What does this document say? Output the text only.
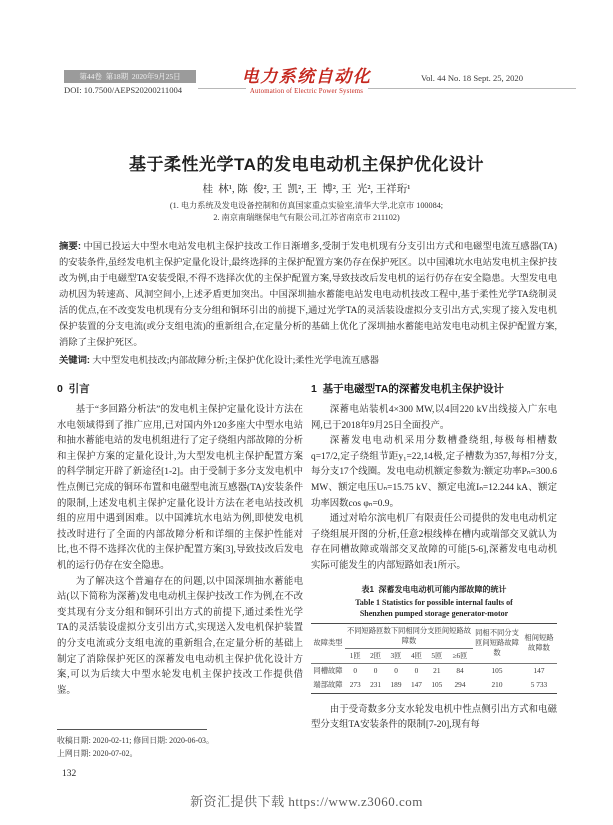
第44卷  第18期  2020年9月25日
DOI: 10.7500/AEPS20200211004
电力系统自动化
Automation of Electric Power Systems
Vol. 44 No. 18 Sept. 25, 2020
基于柔性光学TA的发电电动机主保护优化设计
桂  林¹, 陈  俊², 王  凯², 王  博², 王  光², 王祥珩¹
(1. 电力系统及发电设备控制和仿真国家重点实验室,清华大学,北京市 100084;
2. 南京南瑞继保电气有限公司,江苏省南京市 211102)
摘要: 中国已投运大中型水电站发电机主保护技改工作日渐增多,受制于发电机现有分支引出方式和电磁型电流互感器(TA)的安装条件,虽经发电机主保护定量化设计,最终选择的主保护配置方案仍存在保护死区。以中国滩坑水电站发电机主保护技改为例,由于电磁型TA安装受限,不得不选择次优的主保护配置方案,导致技改后发电机的运行仍存在安全隐患。大型发电电动机因为转速高、风洞空间小,上述矛盾更加突出。中国深圳抽水蓄能电站发电电动机技改工程中,基于柔性光学TA绕制灵活的优点,在不改变发电机现有分支分组和铜环引出的前提下,通过光学TA的灵活装设虚拟分支引出方式,实现了接入发电机保护装置的分支电流(或分支组电流)的重新组合,在定量分析的基础上优化了深圳抽水蓄能电站发电电动机主保护配置方案,消除了主保护死区。
关键词: 大中型发电机技改;内部故障分析;主保护优化设计;柔性光学电流互感器
0  引言

基于“多回路分析法”的发电机主保护定量化设计方法在水电领域得到了推广应用,已对国内外120多座大中型水电站和抽水蓄能电站的发电机组进行了定子绕组内部故障的分析和主保护方案的定量化设计,为大型发电机主保护配置方案的科学制定开辟了新途径[1-2]。由于受制于多分支发电机中性点侧已完成的铜环布置和电磁型电流互感器(TA)安装条件的限制,上述发电机主保护定量化设计方法在老电站技改机组的应用中遇到困难。以中国滩坑水电站为例,即使发电机技改时进行了全面的内部故障分析和详细的主保护性能对比,也不得不选择次优的主保护配置方案[3],导致技改后发电机的运行仍存在安全隐患。

为了解决这个普遍存在的问题,以中国深圳抽水蓄能电站(以下简称为深蓄)发电电动机主保护技改工作为例,在不改变其现有分支分组和铜环引出方式的前提下,通过柔性光学TA的灵活装设虚拟分支引出方式,实现送入发电机保护装置的分支电流或分支组电流的重新组合,在定量分析的基础上制定了消除保护死区的深蓄发电电动机主保护优化设计方案,可以为后续大中型水轮发电机主保护技改工作提供借鉴。

收稿日期: 2020-02-11; 修回日期: 2020-06-03。
上网日期: 2020-07-02。
132
1  基于电磁型TA的深蓄发电机主保护设计

深蓄电站装机4×300 MW,以4回220 kV出线接入广东电网,已于2018年9月25日全面投产。

深蓄发电电动机采用分数槽叠绕组,每极每相槽数q=17/2,定子绕组节距y₁=22,14极,定子槽数为357,每相7分支,每分支17个线圈。发电电动机额定参数为:额定功率Pₙ=300.6 MW、额定电压Uₙ=15.75 kV、额定电流Iₙ=12.244 kA、额定功率因数cos φₙ=0.9。

通过对哈尔滨电机厂有限责任公司提供的发电电动机定子绕组展开图的分析,任意2根线棒在槽内或端部交叉就认为存在同槽故障或端部交叉故障的可能[5-6],深蓄发电电动机实际可能发生的内部短路如表1所示。

表1  深蓄发电电动机可能内部故障的统计
Table 1 Statistics for possible internal faults of
Shenzhen pumped storage generator-motor
故障类型	不同短路匝数下同相同分支匝间短路故障数						同相不同分支匝间短路故障数	相间短路故障数
	1匝	2匝	3匝	4匝	5匝	≥6匝		
同槽故障	0	0	0	0	21	84	105	147
端部故障	273	231	189	147	105	294	210	5 733

由于受奇数多分支水轮发电机中性点侧引出方式和电磁型分支组TA安装条件的限制[7-20],现有每

新资汇提供下载 https://www.z3060.com
